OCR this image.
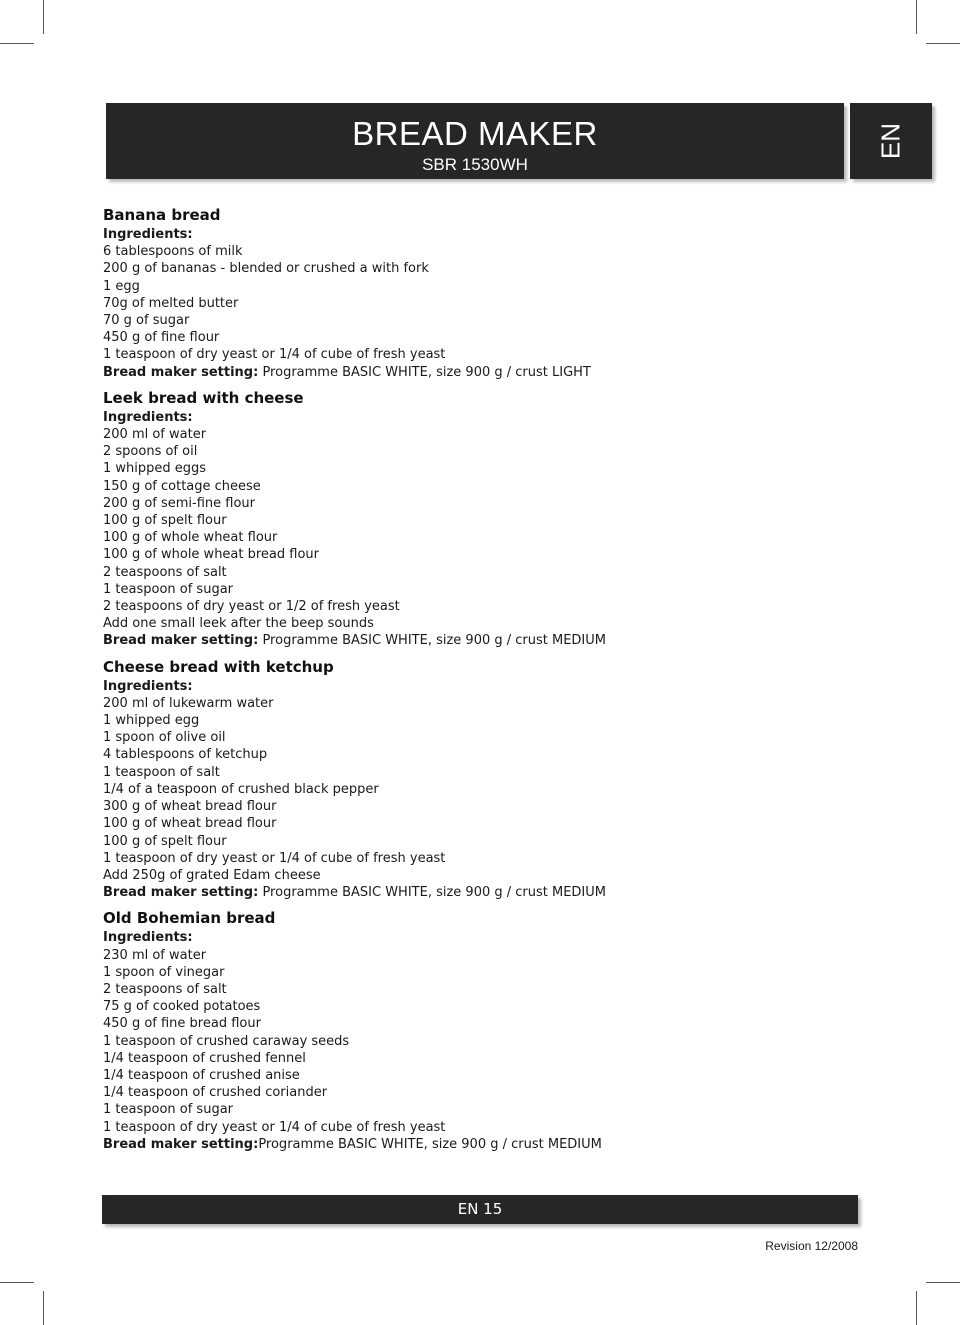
BREAD MAKER
SBR 1530WH
EN
Banana bread
Ingredients:
6 tablespoons of milk
200 g of bananas - blended or crushed a with fork
1 egg
70g of melted butter
70 g of sugar
450 g of fine flour
1 teaspoon of dry yeast or 1/4 of cube of fresh yeast
Bread maker setting: Programme BASIC WHITE, size 900 g / crust LIGHT
Leek bread with cheese
Ingredients:
200 ml of water
2 spoons of oil
1 whipped eggs
150 g of cottage cheese
200 g of semi-fine flour
100 g of spelt flour
100 g of whole wheat flour
100 g of whole wheat bread flour
2 teaspoons of salt
1 teaspoon of sugar
2 teaspoons of dry yeast or 1/2 of fresh yeast
Add one small leek after the beep sounds
Bread maker setting: Programme BASIC WHITE, size 900 g / crust MEDIUM
Cheese bread with ketchup
Ingredients:
200 ml of lukewarm water
1 whipped egg
1 spoon of olive oil
4 tablespoons of ketchup
1 teaspoon of salt
1/4 of a teaspoon of crushed black pepper
300 g of wheat bread flour
100 g of wheat bread flour
100 g of spelt flour
1 teaspoon of dry yeast or 1/4 of cube of fresh yeast
Add 250g of grated Edam cheese
Bread maker setting: Programme BASIC WHITE, size 900 g / crust MEDIUM
Old Bohemian bread
Ingredients:
230 ml of water
1 spoon of vinegar
2 teaspoons of salt
75 g of cooked potatoes
450 g of fine bread flour
1 teaspoon of crushed caraway seeds
1/4 teaspoon of crushed fennel
1/4 teaspoon of crushed anise
1/4 teaspoon of crushed coriander
1 teaspoon of sugar
1 teaspoon of dry yeast or 1/4 of cube of fresh yeast
Bread maker setting:Programme BASIC WHITE, size 900 g / crust MEDIUM
EN 15
Revision 12/2008
